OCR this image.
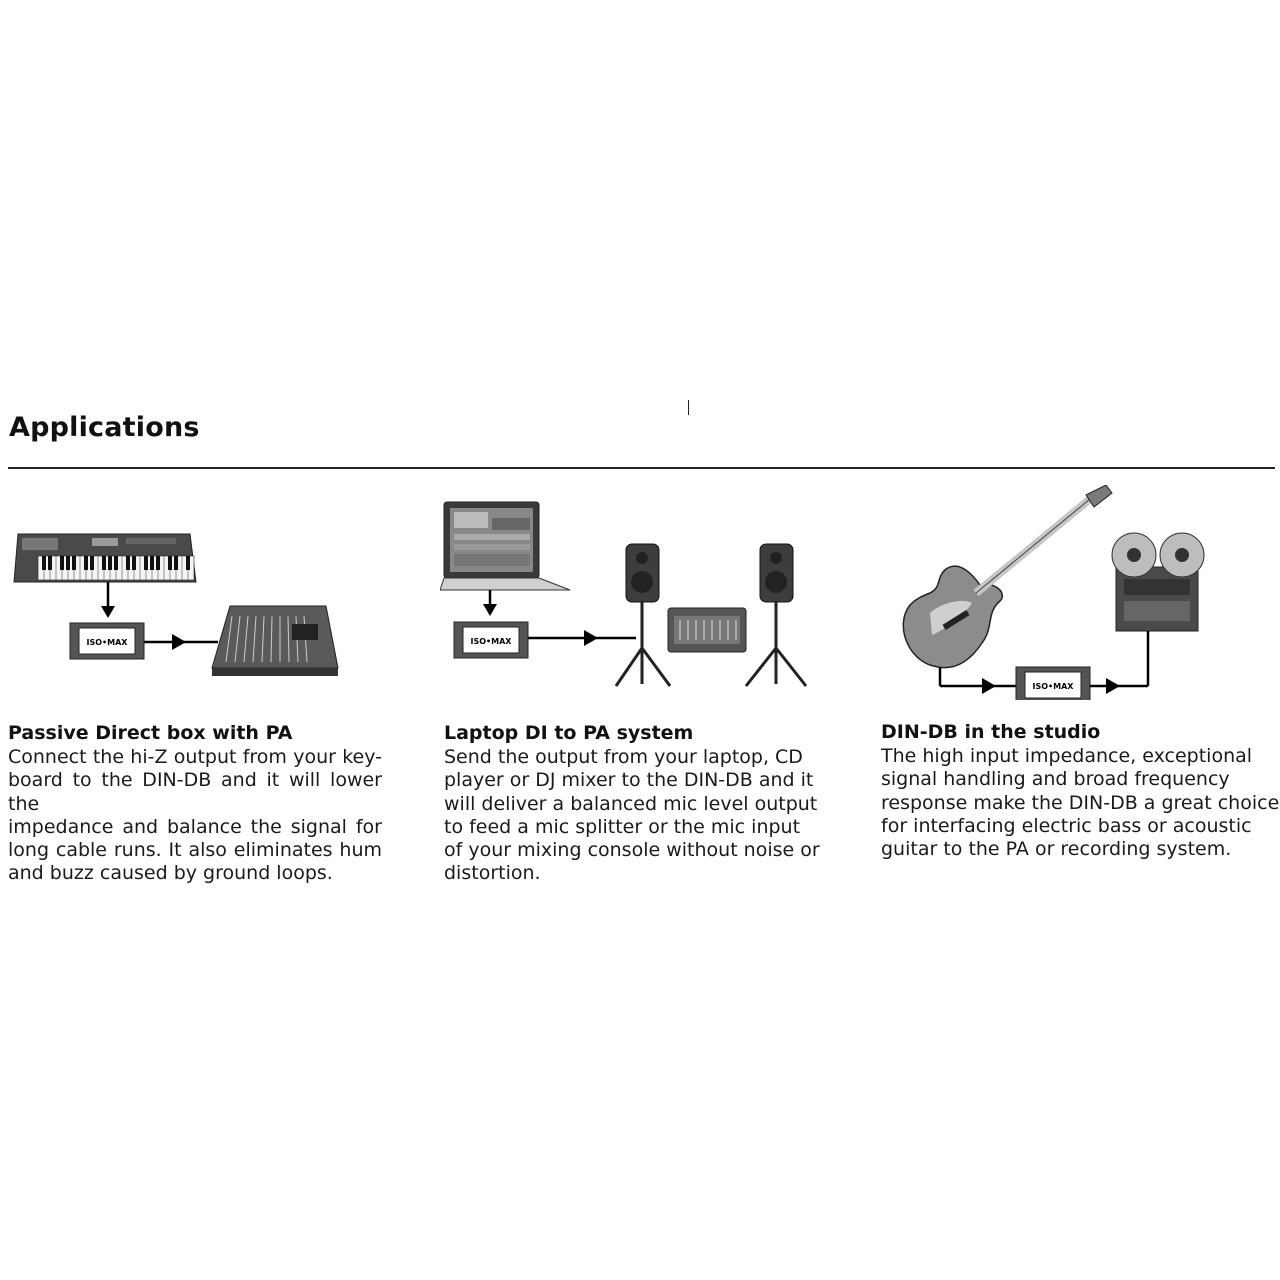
Applications
ISO•MAX	ISO•MAX
ISO•MAX
Passive Direct box with PA
Connect the hi-Z output from your key-
board to the DIN-DB and it will lower the
impedance and balance the signal for
long cable runs. It also eliminates hum
and buzz caused by ground loops.
Laptop DI to PA system
Send the output from your laptop, CD
player or DJ mixer to the DIN-DB and it
will deliver a balanced mic level output
to feed a mic splitter or the mic input
of your mixing console without noise or
distortion.
DIN-DB in the studio
The high input impedance, exceptional
signal handling and broad frequency
response make the DIN-DB a great choice
for interfacing electric bass or acoustic
guitar to the PA or recording system.
